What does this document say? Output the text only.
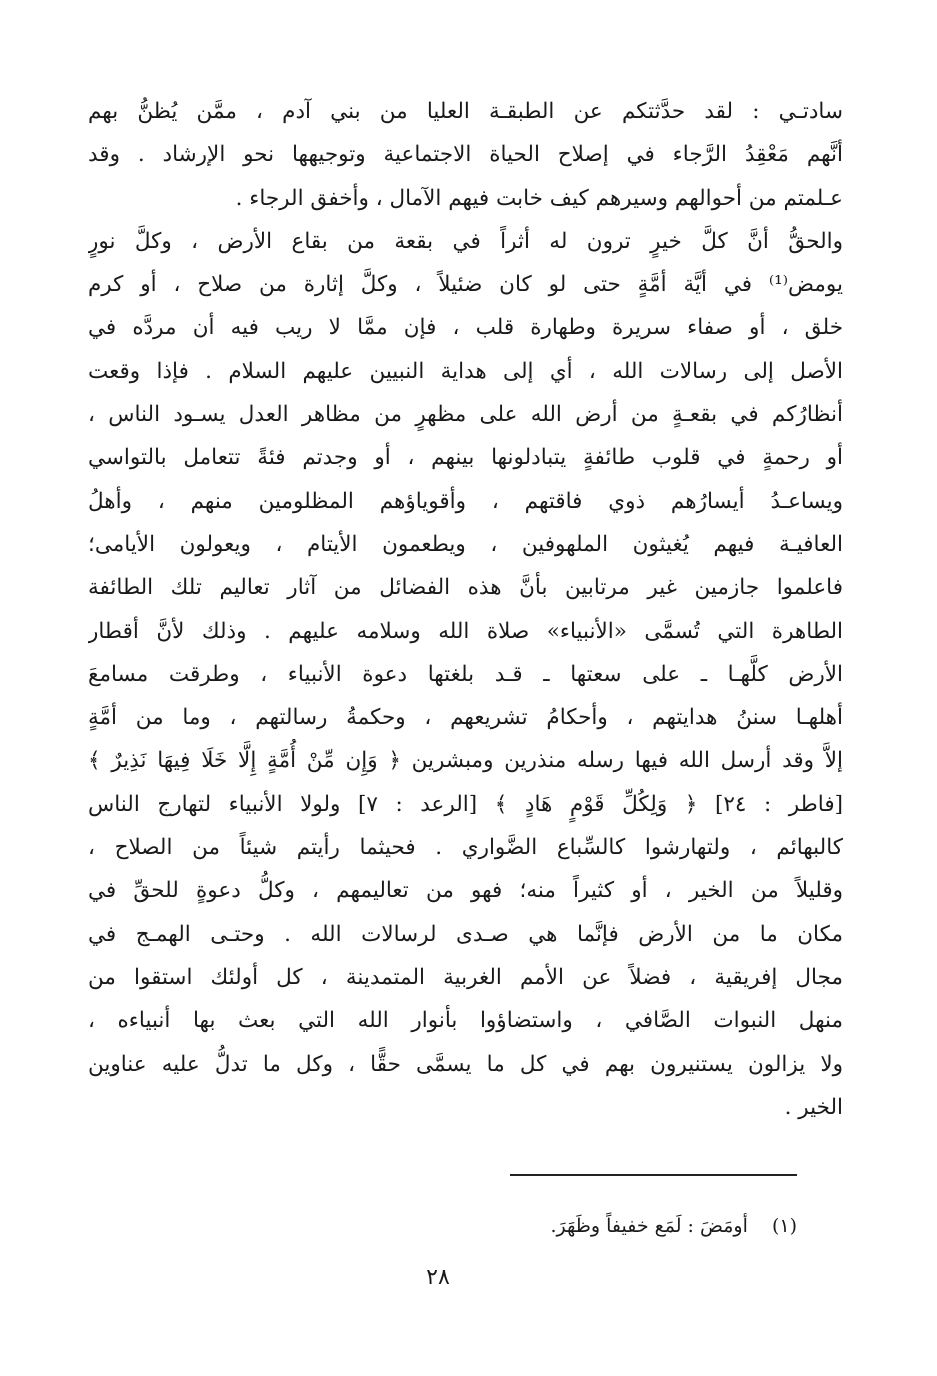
سادتـي : لقد حدَّثتكم عن الطبقـة العليا من بني آدم ، ممَّن يُظنُّ بهم
أنَّهم مَعْقِدُ الرَّجاء في إصلاح الحياة الاجتماعية وتوجيهها نحو الإرشاد . وقد
عـلمتم من أحوالهم وسيرهم كيف خابت فيهم الآمال ، وأخفق الرجاء .
والحقُّ أنَّ كلَّ خيرٍ ترون له أثراً في بقعة من بقاع الأرض ، وكلَّ نورٍ
يومض⁽¹⁾ في أيَّة أمَّةٍ حتى لو كان ضئيلاً ، وكلَّ إثارة من صلاح ، أو كرم
خلق ، أو صفاء سريرة وطهارة قلب ، فإن ممَّا لا ريب فيه أن مردَّه في
الأصل إلى رسالات الله ، أي إلى هداية النبيين عليهم السلام . فإذا وقعت
أنظارُكم في بقعـةٍ من أرض الله على مظهرٍ من مظاهر العدل يسـود الناس ،
أو رحمةٍ في قلوب طائفةٍ يتبادلونها بينهم ، أو وجدتم فئةً تتعامل بالتواسي
ويساعـدُ أيسارُهم ذوي فاقتهم ، وأقوياؤهم المظلومين منهم ، وأهلُ
العافيـة فيهم يُغيثون الملهوفين ، ويطعمون الأيتام ، ويعولون الأيامى؛
فاعلموا جازمين غير مرتابين بأنَّ هذه الفضائل من آثار تعاليم تلك الطائفة
الطاهرة التي تُسمَّى «الأنبياء» صلاة الله وسلامه عليهم . وذلك لأنَّ أقطار
الأرض كلَّهـا ـ على سعتها ـ قـد بلغتها دعوة الأنبياء ، وطرقت مسامعَ
أهلهـا سننُ هدايتهم ، وأحكامُ تشريعهم ، وحكمةُ رسالتهم ، وما من أمَّةٍ
إلاَّ وقد أرسل الله فيها رسله منذرين ومبشرين ﴿ وَإِن مِّنْ أُمَّةٍ إِلَّا خَلَا فِيهَا نَذِيرٌ ﴾
[فاطر : ٢٤] ﴿ وَلِكُلِّ قَوْمٍ هَادٍ ﴾ [الرعد : ٧] ولولا الأنبياء لتهارج الناس
كالبهائم ، ولتهارشوا كالسِّباع الضَّواري . فحيثما رأيتم شيئاً من الصلاح ،
وقليلاً من الخير ، أو كثيراً منه؛ فهو من تعاليمهم ، وكلُّ دعوةٍ للحقِّ في
مكان ما من الأرض فإنَّما هي صـدى لرسالات الله . وحتـى الهمـج في
مجال إفريقية ، فضلاً عن الأمم الغربية المتمدينة ، كل أولئك استقوا من
منهل النبوات الصَّافي ، واستضاؤوا بأنوار الله التي بعث بها أنبياءه ،
ولا يزالون يستنيرون بهم في كل ما يسمَّى حقًّا ، وكل ما تدلُّ عليه عناوين
الخير .
(١) أومَضَ : لَمَع خفيفاً وظَهَرَ.
٢٨
